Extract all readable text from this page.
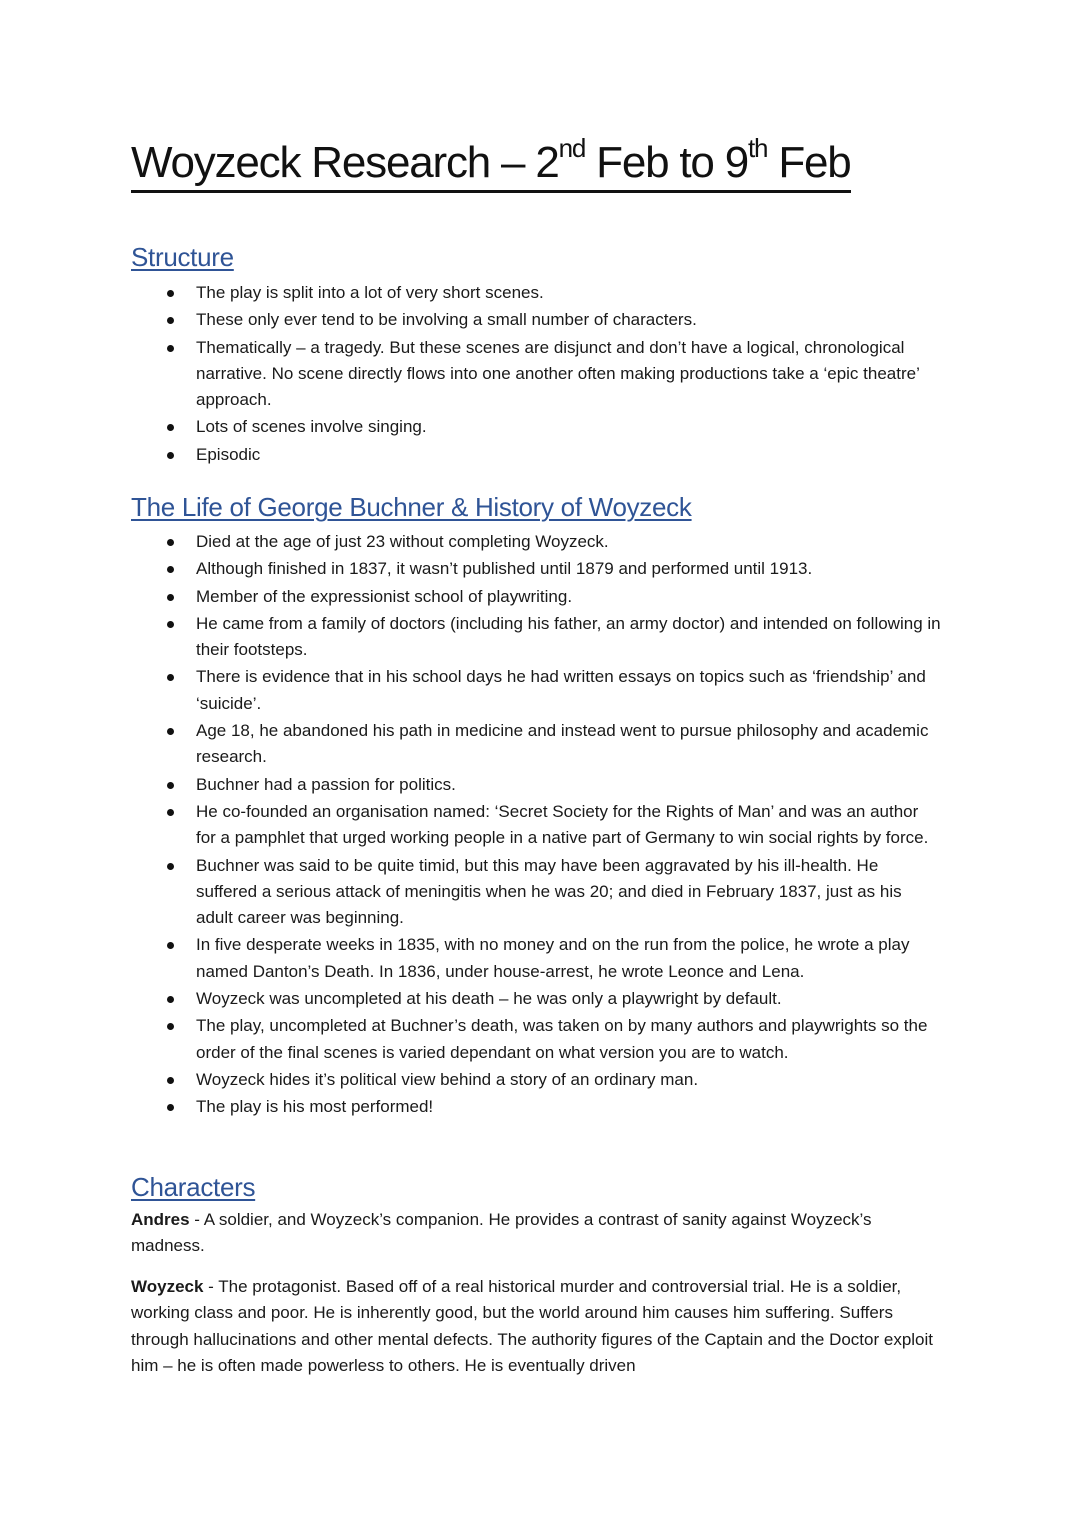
Woyzeck Research – 2nd Feb to 9th Feb
Structure
The play is split into a lot of very short scenes.
These only ever tend to be involving a small number of characters.
Thematically – a tragedy. But these scenes are disjunct and don’t have a logical, chronological narrative. No scene directly flows into one another often making productions take a ‘epic theatre’ approach.
Lots of scenes involve singing.
Episodic
The Life of George Buchner & History of Woyzeck
Died at the age of just 23 without completing Woyzeck.
Although finished in 1837, it wasn’t published until 1879 and performed until 1913.
Member of the expressionist school of playwriting.
He came from a family of doctors (including his father, an army doctor) and intended on following in their footsteps.
There is evidence that in his school days he had written essays on topics such as ‘friendship’ and ‘suicide’.
Age 18, he abandoned his path in medicine and instead went to pursue philosophy and academic research.
Buchner had a passion for politics.
He co-founded an organisation named: ‘Secret Society for the Rights of Man’ and was an author for a pamphlet that urged working people in a native part of Germany to win social rights by force.
Buchner was said to be quite timid, but this may have been aggravated by his ill-health. He suffered a serious attack of meningitis when he was 20; and died in February 1837, just as his adult career was beginning.
In five desperate weeks in 1835, with no money and on the run from the police, he wrote a play named Danton’s Death. In 1836, under house-arrest, he wrote Leonce and Lena.
Woyzeck was uncompleted at his death – he was only a playwright by default.
The play, uncompleted at Buchner’s death, was taken on by many authors and playwrights so the order of the final scenes is varied dependant on what version you are to watch.
Woyzeck hides it’s political view behind a story of an ordinary man.
The play is his most performed!
Characters

Andres - A soldier, and Woyzeck’s companion. He provides a contrast of sanity against Woyzeck’s madness.

Woyzeck - The protagonist. Based off of a real historical murder and controversial trial. He is a soldier, working class and poor. He is inherently good, but the world around him causes him suffering. Suffers through hallucinations and other mental defects. The authority figures of the Captain and the Doctor exploit him – he is often made powerless to others. He is eventually driven
